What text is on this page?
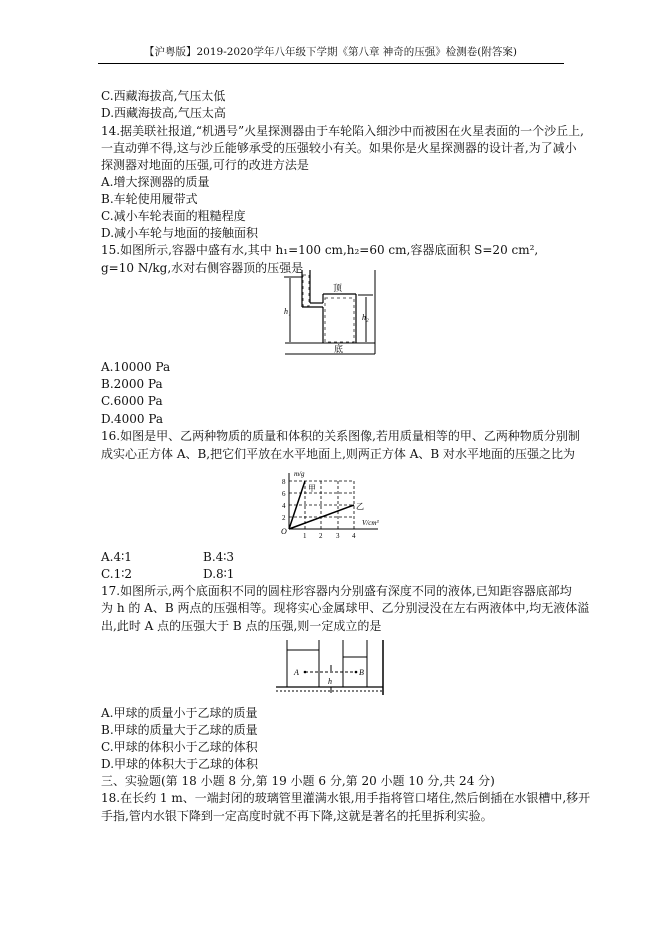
【沪粤版】2019-2020学年八年级下学期《第八章 神奇的压强》检测卷(附答案)
C.西藏海拔高,气压太低
D.西藏海拔高,气压太高
14.据美联社报道,“机遇号”火星探测器由于车轮陷入细沙中而被困在火星表面的一个沙丘上,
一直动弹不得,这与沙丘能够承受的压强较小有关。如果你是火星探测器的设计者,为了减小
探测器对地面的压强,可行的改进方法是
A.增大探测器的质量
B.车轮使用履带式
C.减小车轮表面的粗糙程度
D.减小车轮与地面的接触面积
15.如图所示,容器中盛有水,其中 h₁=100 cm,h₂=60 cm,容器底面积 S=20 cm²,
g=10 N/kg,水对右侧容器顶的压强是
顶
底
h₁
h₂
A.10000 Pa
B.2000 Pa
C.6000 Pa
D.4000 Pa
16.如图是甲、乙两种物质的质量和体积的关系图像,若用质量相等的甲、乙两种物质分别制
成实心正方体 A、B,把它们平放在水平地面上,则两正方体 A、B 对水平地面的压强之比为
m/g
V/cm³
O
甲
乙
2
4
6
8
1 2 3 4
A.4∶1	B.4∶3
C.1∶2	D.8∶1
17.如图所示,两个底面积不同的圆柱形容器内分别盛有深度不同的液体,已知距容器底部均
为 h 的 A、B 两点的压强相等。现将实心金属球甲、乙分别浸没在左右两液体中,均无液体溢
出,此时 A 点的压强大于 B 点的压强,则一定成立的是
A	B
h
A.甲球的质量小于乙球的质量
B.甲球的质量大于乙球的质量
C.甲球的体积小于乙球的体积
D.甲球的体积大于乙球的体积
三、实验题(第 18 小题 8 分,第 19 小题 6 分,第 20 小题 10 分,共 24 分)
18.在长约 1 m、一端封闭的玻璃管里灌满水银,用手指将管口堵住,然后倒插在水银槽中,移开
手指,管内水银下降到一定高度时就不再下降,这就是著名的托里拆利实验。
